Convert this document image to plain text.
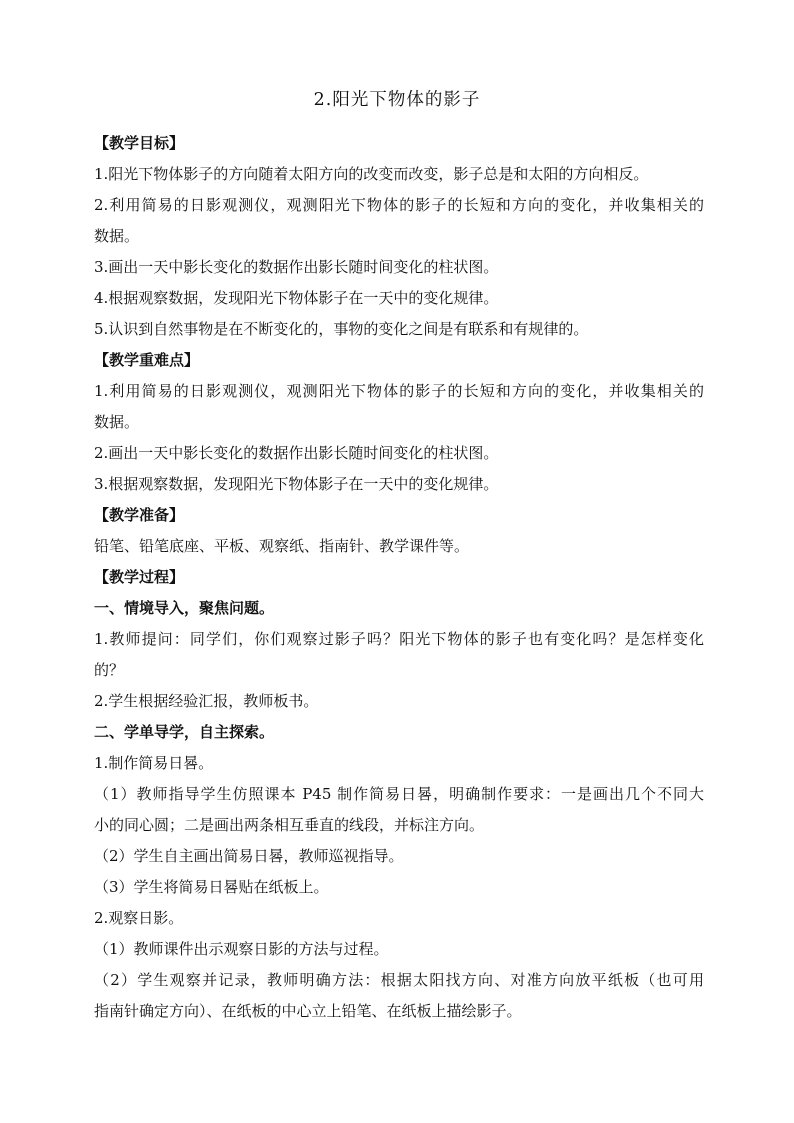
2.阳光下物体的影子
【教学目标】
1.阳光下物体影子的方向随着太阳方向的改变而改变，影子总是和太阳的方向相反。
2.利用简易的日影观测仪，观测阳光下物体的影子的长短和方向的变化，并收集相关的
数据。
3.画出一天中影长变化的数据作出影长随时间变化的柱状图。
4.根据观察数据，发现阳光下物体影子在一天中的变化规律。
5.认识到自然事物是在不断变化的，事物的变化之间是有联系和有规律的。
【教学重难点】
1.利用简易的日影观测仪，观测阳光下物体的影子的长短和方向的变化，并收集相关的
数据。
2.画出一天中影长变化的数据作出影长随时间变化的柱状图。
3.根据观察数据，发现阳光下物体影子在一天中的变化规律。
【教学准备】
铅笔、铅笔底座、平板、观察纸、指南针、教学课件等。
【教学过程】
一、情境导入，聚焦问题。
1.教师提问：同学们，你们观察过影子吗？阳光下物体的影子也有变化吗？是怎样变化
的？
2.学生根据经验汇报，教师板书。
二、学单导学，自主探索。
1.制作简易日晷。
（1）教师指导学生仿照课本 P45 制作简易日晷，明确制作要求：一是画出几个不同大
小的同心圆；二是画出两条相互垂直的线段，并标注方向。
（2）学生自主画出简易日晷，教师巡视指导。
（3）学生将简易日晷贴在纸板上。
2.观察日影。
（1）教师课件出示观察日影的方法与过程。
（2）学生观察并记录，教师明确方法：根据太阳找方向、对准方向放平纸板（也可用
指南针确定方向）、在纸板的中心立上铅笔、在纸板上描绘影子。
